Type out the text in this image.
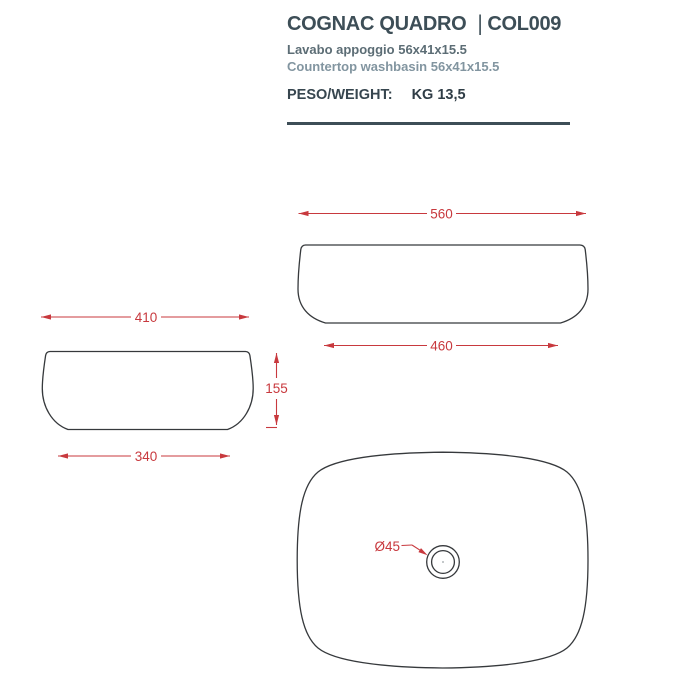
COGNAC QUADRO | COL009
Lavabo appoggio 56x41x15.5
Countertop washbasin 56x41x15.5
PESO/WEIGHT: KG 13,5
560
460
410
340
155
Ø45
